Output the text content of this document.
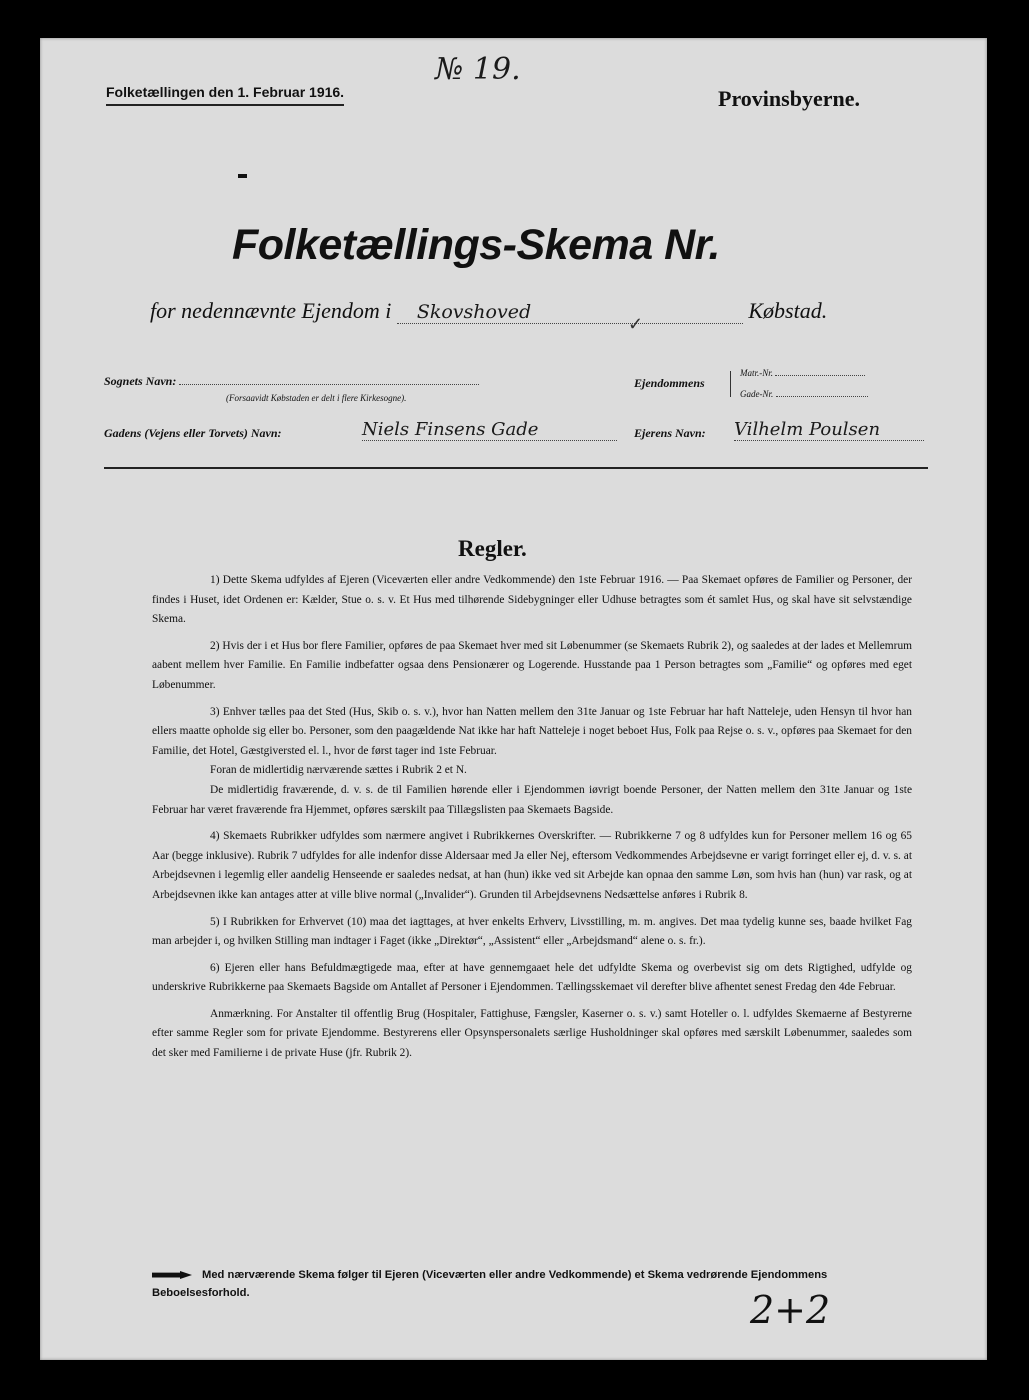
Folketællingen den 1. Februar 1916.
№ 19.
Provinsbyerne.
Folketællings-Skema Nr.
for nedennævnte Ejendom i Skovshoved	Købstad.
✓
Sognets Navn:
(Forsaavidt Købstaden er delt i flere Kirkesogne).
Ejendommens
Matr.-Nr.
Gade-Nr.
Gadens (Vejens eller Torvets) Navn:	Niels Finsens Gade	Ejerens Navn: Vilhelm Poulsen
Regler.

1) Dette Skema udfyldes af Ejeren (Viceværten eller andre Vedkommende) den 1ste Februar 1916. — Paa Skemaet opføres de Familier og Personer, der findes i Huset, idet Ordenen er: Kælder, Stue o. s. v. Et Hus med tilhørende Sidebygninger eller Udhuse betragtes som ét samlet Hus, og skal have sit selvstændige Skema.

2) Hvis der i et Hus bor flere Familier, opføres de paa Skemaet hver med sit Løbenummer (se Skemaets Rubrik 2), og saaledes at der lades et Mellemrum aabent mellem hver Familie. En Familie indbefatter ogsaa dens Pensionærer og Logerende. Husstande paa 1 Person betragtes som „Familie“ og opføres med eget Løbenummer.

3) Enhver tælles paa det Sted (Hus, Skib o. s. v.), hvor han Natten mellem den 31te Januar og 1ste Februar har haft Natteleje, uden Hensyn til hvor han ellers maatte opholde sig eller bo. Personer, som den paagældende Nat ikke har haft Natteleje i noget beboet Hus, Folk paa Rejse o. s. v., opføres paa Skemaet for den Familie, det Hotel, Gæstgiversted el. l., hvor de først tager ind 1ste Februar.

Foran de midlertidig nærværende sættes i Rubrik 2 et N.

De midlertidig fraværende, d. v. s. de til Familien hørende eller i Ejendommen iøvrigt boende Personer, der Natten mellem den 31te Januar og 1ste Februar har været fraværende fra Hjemmet, opføres særskilt paa Tillægslisten paa Skemaets Bagside.

4) Skemaets Rubrikker udfyldes som nærmere angivet i Rubrikkernes Overskrifter. — Rubrikkerne 7 og 8 udfyldes kun for Personer mellem 16 og 65 Aar (begge inklusive). Rubrik 7 udfyldes for alle indenfor disse Aldersaar med Ja eller Nej, eftersom Vedkommendes Arbejdsevne er varigt forringet eller ej, d. v. s. at Arbejdsevnen i legemlig eller aandelig Henseende er saaledes nedsat, at han (hun) ikke ved sit Arbejde kan opnaa den samme Løn, som hvis han (hun) var rask, og at Arbejdsevnen ikke kan antages atter at ville blive normal („Invalider“). Grunden til Arbejdsevnens Nedsættelse anføres i Rubrik 8.

5) I Rubrikken for Erhvervet (10) maa det iagttages, at hver enkelts Erhverv, Livsstilling, m. m. angives. Det maa tydelig kunne ses, baade hvilket Fag man arbejder i, og hvilken Stilling man indtager i Faget (ikke „Direktør“, „Assistent“ eller „Arbejdsmand“ alene o. s. fr.).

6) Ejeren eller hans Befuldmægtigede maa, efter at have gennemgaaet hele det udfyldte Skema og overbevist sig om dets Rigtighed, udfylde og underskrive Rubrikkerne paa Skemaets Bagside om Antallet af Personer i Ejendommen. Tællingsskemaet vil derefter blive afhentet senest Fredag den 4de Februar.

Anmærkning. For Anstalter til offentlig Brug (Hospitaler, Fattighuse, Fængsler, Kaserner o. s. v.) samt Hoteller o. l. udfyldes Skemaerne af Bestyrerne efter samme Regler som for private Ejendomme. Bestyrerens eller Opsynspersonalets særlige Husholdninger skal opføres med særskilt Løbenummer, saaledes som det sker med Familierne i de private Huse (jfr. Rubrik 2).

Med nærværende Skema følger til Ejeren (Viceværten eller andre Vedkommende) et Skema vedrørende Ejendommens Beboelsesforhold.	2+2
